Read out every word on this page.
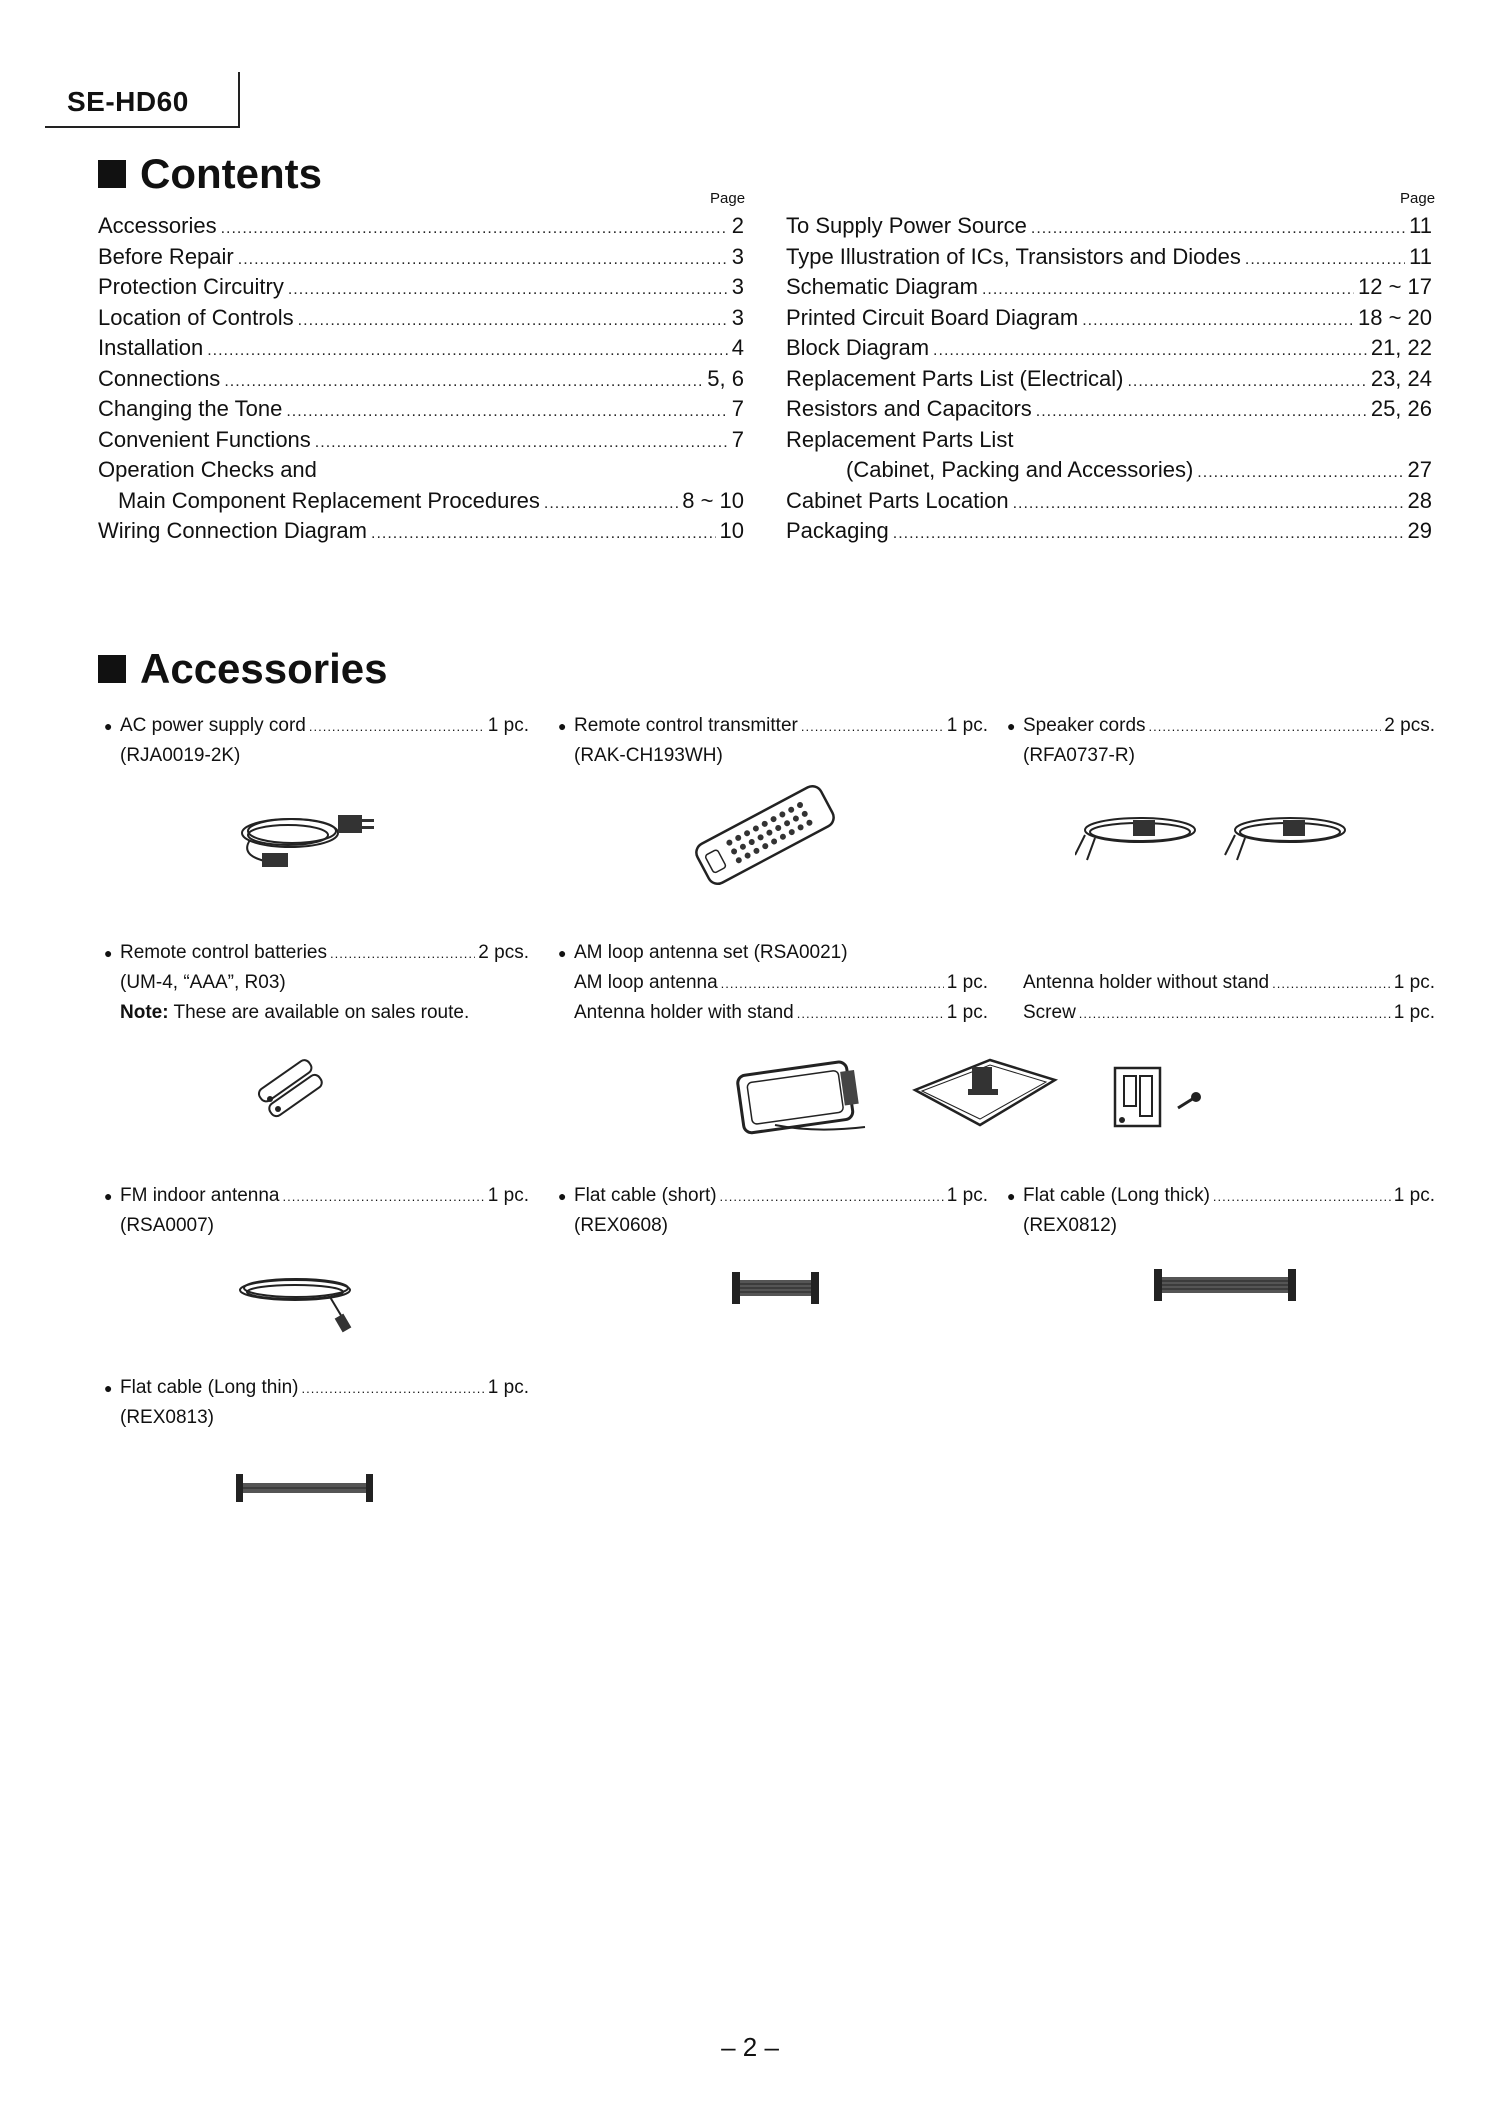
SE-HD60
Contents
Page	Page
Accessories .....	2
Before Repair .....	3
Protection Circuitry .....	3
Location of Controls .....	3
Installation .....	4
Connections .....	5, 6
Changing the Tone .....	7
Convenient Functions .....	7
Operation Checks and
Main Component Replacement Procedures .....	8 ~ 10
Wiring Connection Diagram .....	10
To Supply Power Source .....	11
Type Illustration of ICs, Transistors and Diodes .....	11
Schematic Diagram .....	12 ~ 17
Printed Circuit Board Diagram .....	18 ~ 20
Block Diagram .....	21, 22
Replacement Parts List (Electrical) .....	23, 24
Resistors and Capacitors .....	25, 26
Replacement Parts List
(Cabinet, Packing and Accessories) .....	27
Cabinet Parts Location .....	28
Packaging .....	29
Accessories
● AC power supply cord .....	1 pc.
(RJA0019-2K)
● Remote control transmitter .....	1 pc.
(RAK-CH193WH)
● Speaker cords .....	2 pcs.
(RFA0737-R)
● Remote control batteries .....	2 pcs.
(UM-4, “AAA”, R03)
Note: These are available on sales route.
● AM loop antenna set (RSA0021)
AM loop antenna .....	1 pc.
Antenna holder with stand .....	1 pc.
Antenna holder without stand .....	1 pc.
Screw .....	1 pc.
● FM indoor antenna .....	1 pc.
(RSA0007)
● Flat cable (short) .....	1 pc.
(REX0608)
● Flat cable (Long thick) .....	1 pc.
(REX0812)
● Flat cable (Long thin) .....	1 pc.
(REX0813)
– 2 –
